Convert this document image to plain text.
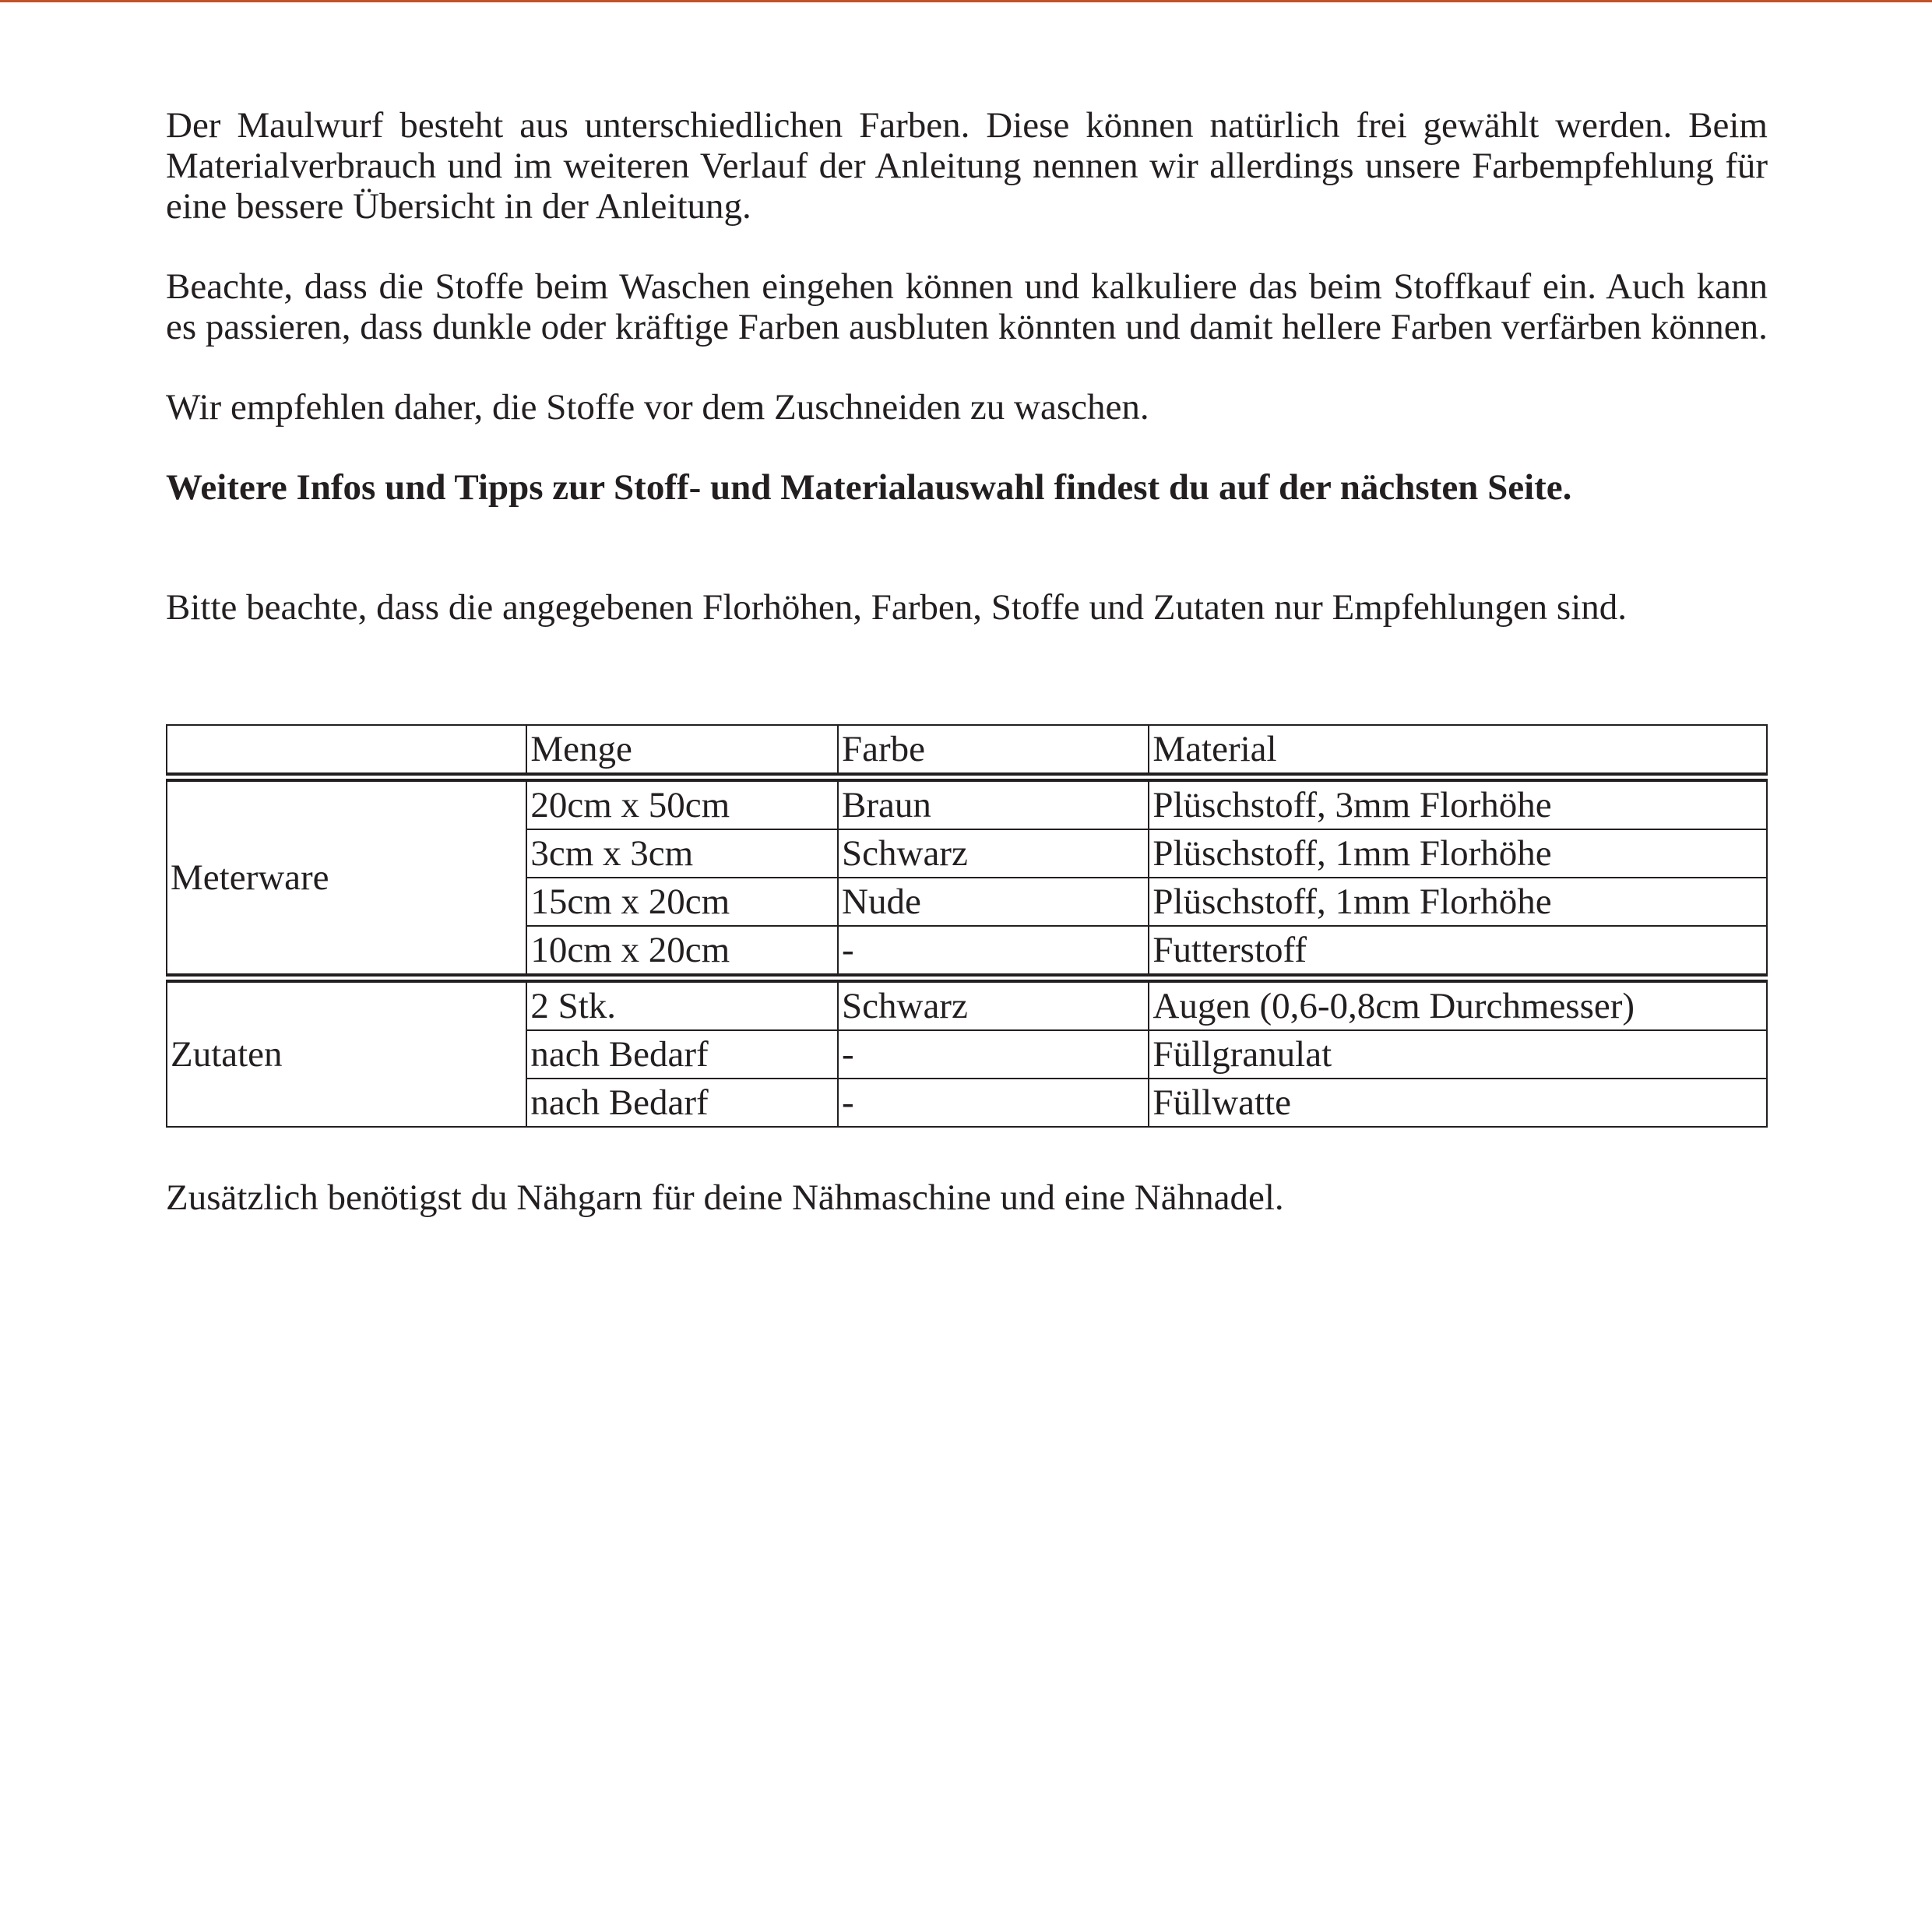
Der Maulwurf besteht aus unterschiedlichen Farben. Diese können natürlich frei gewählt werden. Beim Materialverbrauch und im weiteren Verlauf der Anleitung nennen wir allerdings unsere Farbempfehlung für eine bessere Übersicht in der Anleitung.

Beachte, dass die Stoffe beim Waschen eingehen können und kalkuliere das beim Stoffkauf ein. Auch kann es passieren, dass dunkle oder kräftige Farben ausbluten könnten und damit hellere Farben verfärben können.

Wir empfehlen daher, die Stoffe vor dem Zuschneiden zu waschen.

Weitere Infos und Tipps zur Stoff- und Materialauswahl findest du auf der nächsten Seite.

Bitte beachte, dass die angegebenen Florhöhen, Farben, Stoffe und Zutaten nur Empfehlungen sind.

	Menge	Farbe	Material
Meterware	20cm x 50cm	Braun	Plüschstoff, 3mm Florhöhe
	3cm x 3cm	Schwarz	Plüschstoff, 1mm Florhöhe
	15cm x 20cm	Nude	Plüschstoff, 1mm Florhöhe
	10cm x 20cm	-	Futterstoff
Zutaten	2 Stk.	Schwarz	Augen (0,6-0,8cm Durchmesser)
	nach Bedarf	-	Füllgranulat
	nach Bedarf	-	Füllwatte

Zusätzlich benötigst du Nähgarn für deine Nähmaschine und eine Nähnadel.
